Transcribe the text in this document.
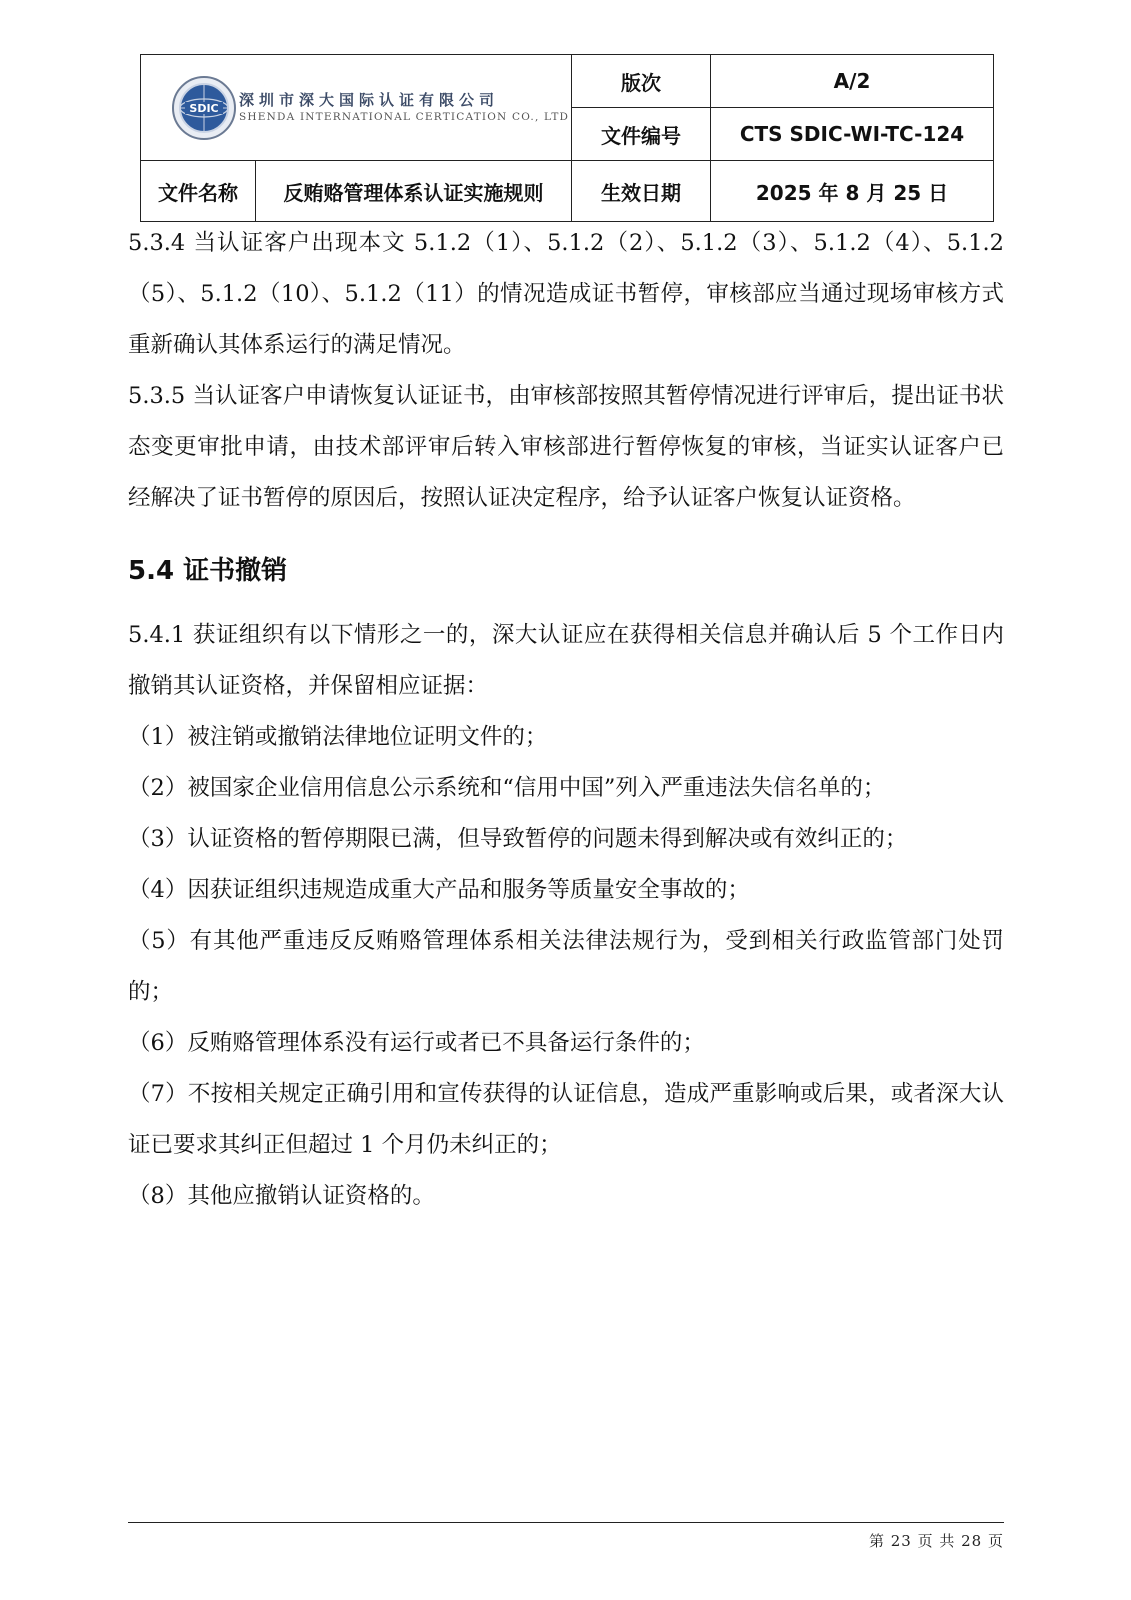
SDIC 深圳市深大国际认证有限公司
SHENDA INTERNATIONAL CERTICATION CO., LTD		版次	A/2
		文件编号	CTS SDIC-WI-TC-124
文件名称	反贿赂管理体系认证实施规则	生效日期	2025 年 8 月 25 日

5.3.4 当认证客户出现本文 5.1.2（1）、5.1.2（2）、5.1.2（3）、5.1.2（4）、5.1.2（5）、5.1.2（10）、5.1.2（11）的情况造成证书暂停，审核部应当通过现场审核方式重新确认其体系运行的满足情况。

5.3.5 当认证客户申请恢复认证证书，由审核部按照其暂停情况进行评审后，提出证书状态变更审批申请，由技术部评审后转入审核部进行暂停恢复的审核，当证实认证客户已经解决了证书暂停的原因后，按照认证决定程序，给予认证客户恢复认证资格。

5.4 证书撤销

5.4.1 获证组织有以下情形之一的，深大认证应在获得相关信息并确认后 5 个工作日内撤销其认证资格，并保留相应证据：

（1）被注销或撤销法律地位证明文件的；

（2）被国家企业信用信息公示系统和“信用中国”列入严重违法失信名单的；

（3）认证资格的暂停期限已满，但导致暂停的问题未得到解决或有效纠正的；

（4）因获证组织违规造成重大产品和服务等质量安全事故的；

（5）有其他严重违反反贿赂管理体系相关法律法规行为，受到相关行政监管部门处罚的；

（6）反贿赂管理体系没有运行或者已不具备运行条件的；

（7）不按相关规定正确引用和宣传获得的认证信息，造成严重影响或后果，或者深大认证已要求其纠正但超过 1 个月仍未纠正的；

（8）其他应撤销认证资格的。

第 23 页 共 28 页
